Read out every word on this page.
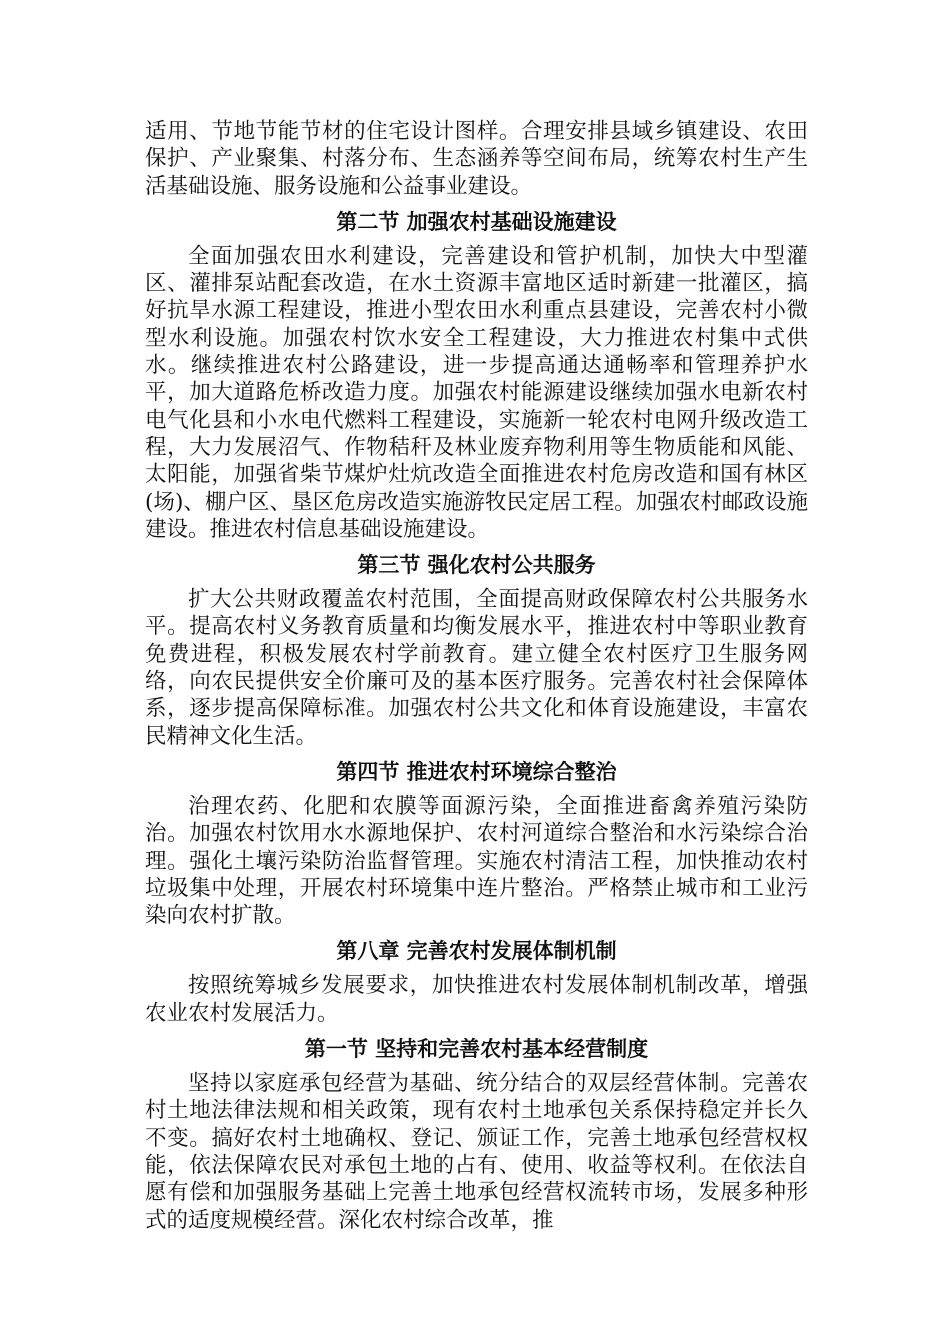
适用、节地节能节材的住宅设计图样。合理安排县域乡镇建设、农田保护、产业聚集、村落分布、生态涵养等空间布局，统筹农村生产生活基础设施、服务设施和公益事业建设。

第二节 加强农村基础设施建设

全面加强农田水利建设，完善建设和管护机制，加快大中型灌区、灌排泵站配套改造，在水土资源丰富地区适时新建一批灌区，搞好抗旱水源工程建设，推进小型农田水利重点县建设，完善农村小微型水利设施。加强农村饮水安全工程建设，大力推进农村集中式供水。继续推进农村公路建设，进一步提高通达通畅率和管理养护水平，加大道路危桥改造力度。加强农村能源建设继续加强水电新农村电气化县和小水电代燃料工程建设，实施新一轮农村电网升级改造工程，大力发展沼气、作物秸秆及林业废弃物利用等生物质能和风能、太阳能，加强省柴节煤炉灶炕改造全面推进农村危房改造和国有林区(场)、棚户区、垦区危房改造实施游牧民定居工程。加强农村邮政设施建设。推进农村信息基础设施建设。

第三节 强化农村公共服务

扩大公共财政覆盖农村范围，全面提高财政保障农村公共服务水平。提高农村义务教育质量和均衡发展水平，推进农村中等职业教育免费进程，积极发展农村学前教育。建立健全农村医疗卫生服务网络，向农民提供安全价廉可及的基本医疗服务。完善农村社会保障体系，逐步提高保障标准。加强农村公共文化和体育设施建设，丰富农民精神文化生活。

第四节 推进农村环境综合整治

治理农药、化肥和农膜等面源污染，全面推进畜禽养殖污染防治。加强农村饮用水水源地保护、农村河道综合整治和水污染综合治理。强化土壤污染防治监督管理。实施农村清洁工程，加快推动农村垃圾集中处理，开展农村环境集中连片整治。严格禁止城市和工业污染向农村扩散。

第八章 完善农村发展体制机制

按照统筹城乡发展要求，加快推进农村发展体制机制改革，增强农业农村发展活力。

第一节 坚持和完善农村基本经营制度

坚持以家庭承包经营为基础、统分结合的双层经营体制。完善农村土地法律法规和相关政策，现有农村土地承包关系保持稳定并长久不变。搞好农村土地确权、登记、颁证工作，完善土地承包经营权权能，依法保障农民对承包土地的占有、使用、收益等权利。在依法自愿有偿和加强服务基础上完善土地承包经营权流转市场，发展多种形式的适度规模经营。深化农村综合改革，推
